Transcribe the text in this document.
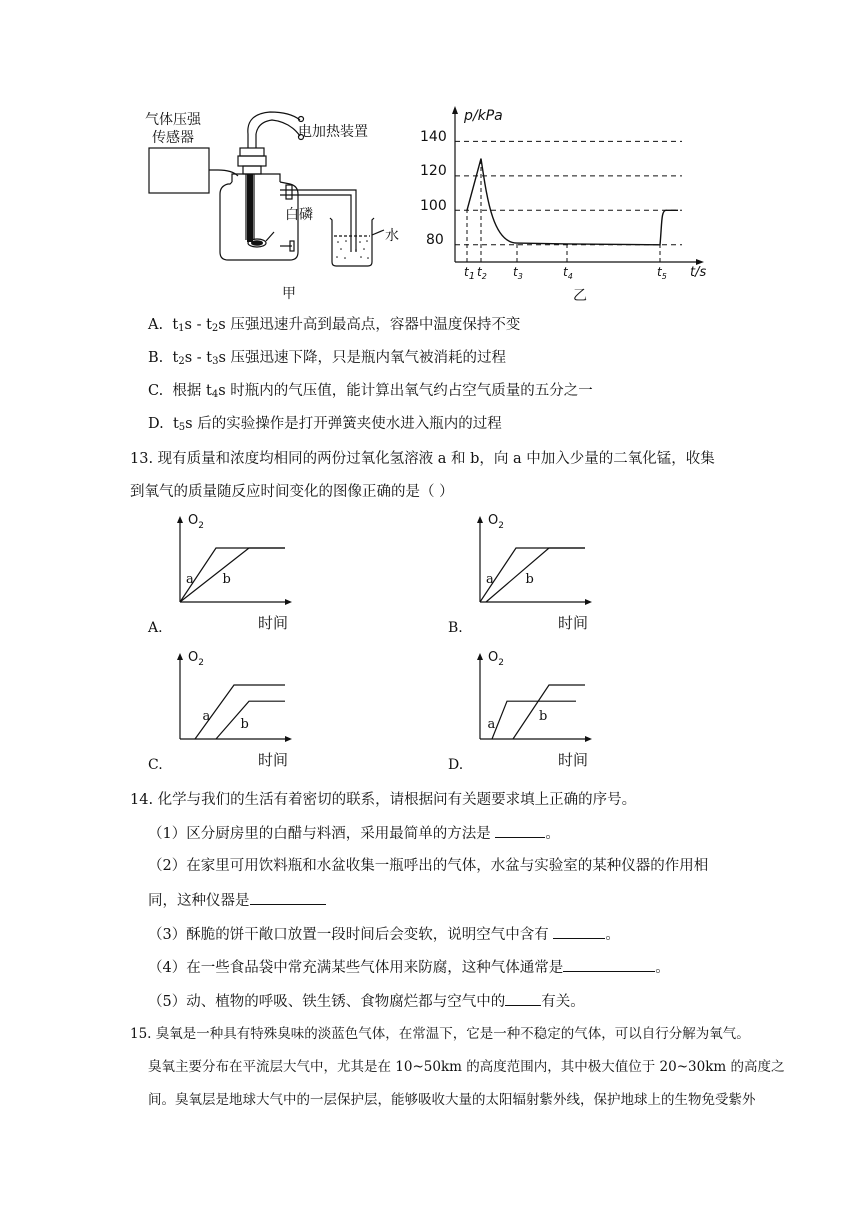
气体压强
传感器	电加热装置
白磷
水
甲
p/kPa
t/s
140
120
100
80
$t_1$ $t_2$ $t_3$	$t_4$	$t_5$
乙
A. $t_1s - t_2s$ 压强迅速升高到最高点，容器中温度保持不变
B. $t_2s - t_3s$ 压强迅速下降，只是瓶内氧气被消耗的过程
C. 根据 $t_4s$ 时瓶内的气压值，能计算出氧气约占空气质量的五分之一
D. $t_5s$ 后的实验操作是打开弹簧夹使水进入瓶内的过程
13. 现有质量和浓度均相同的两份过氧化氢溶液 a 和 b，向 a 中加入少量的二氧化锰，收集
到氧气的质量随反应时间变化的图像正确的是（ ）
$O_2$
时间
A.
a b
$O_2$
时间
B.
a b
$O_2$
时间
C.
a
b
$O_2$
时间
D.
a
b
14. 化学与我们的生活有着密切的联系，请根据问有关题要求填上正确的序号。
（1）区分厨房里的白醋与料酒，采用最简单的方法是	。
（2）在家里可用饮料瓶和水盆收集一瓶呼出的气体，水盆与实验室的某种仪器的作用相
同，这种仪器是
（3）酥脆的饼干敞口放置一段时间后会变软，说明空气中含有	。
（4）在一些食品袋中常充满某些气体用来防腐，这种气体通常是	。
（5）动、植物的呼吸、铁生锈、食物腐烂都与空气中的 有关。
15. 臭氧是一种具有特殊臭味的淡蓝色气体，在常温下，它是一种不稳定的气体，可以自行分解为氧气。
臭氧主要分布在平流层大气中，尤其是在 10~50km 的高度范围内，其中极大值位于 20~30km 的高度之
间。臭氧层是地球大气中的一层保护层，能够吸收大量的太阳辐射紫外线，保护地球上的生物免受紫外
